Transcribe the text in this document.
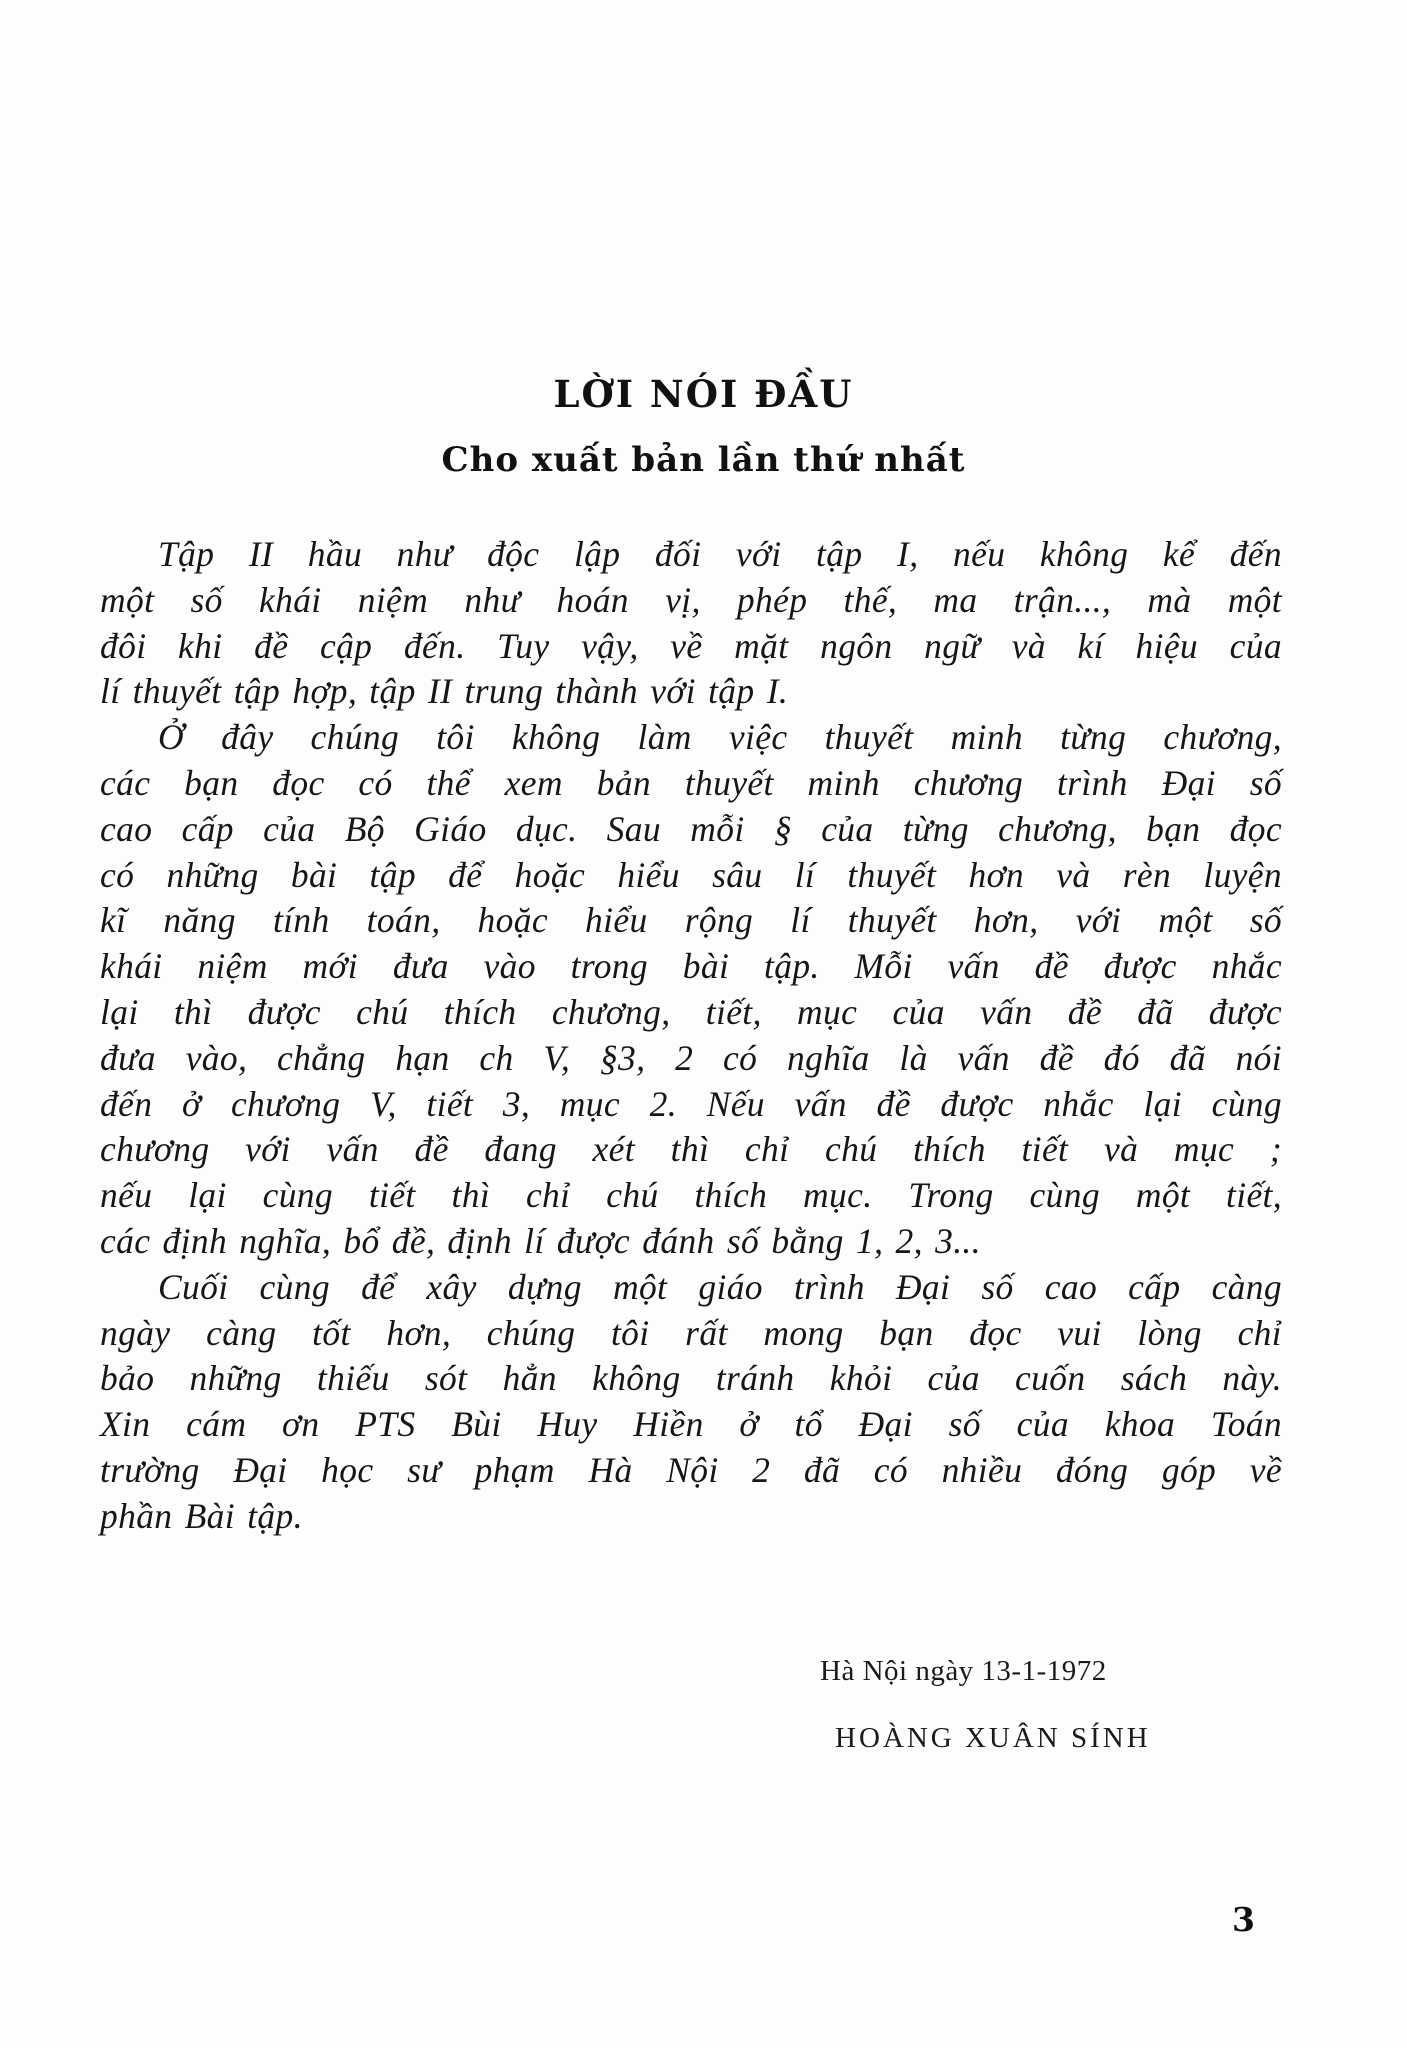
LỜI NÓI ĐẦU
Cho xuất bản lần thứ nhất
Tập II hầu như độc lập đối với tập I, nếu không kể đến
một số khái niệm như hoán vị, phép thế, ma trận..., mà một
đôi khi đề cập đến. Tuy vậy, về mặt ngôn ngữ và kí hiệu của
lí thuyết tập hợp, tập II trung thành với tập I.
Ở đây chúng tôi không làm việc thuyết minh từng chương,
các bạn đọc có thể xem bản thuyết minh chương trình Đại số
cao cấp của Bộ Giáo dục. Sau mỗi § của từng chương, bạn đọc
có những bài tập để hoặc hiểu sâu lí thuyết hơn và rèn luyện
kĩ năng tính toán, hoặc hiểu rộng lí thuyết hơn, với một số
khái niệm mới đưa vào trong bài tập. Mỗi vấn đề được nhắc
lại thì được chú thích chương, tiết, mục của vấn đề đã được
đưa vào, chẳng hạn ch V, §3, 2 có nghĩa là vấn đề đó đã nói
đến ở chương V, tiết 3, mục 2. Nếu vấn đề được nhắc lại cùng
chương với vấn đề đang xét thì chỉ chú thích tiết và mục ;
nếu lại cùng tiết thì chỉ chú thích mục. Trong cùng một tiết,
các định nghĩa, bổ đề, định lí được đánh số bằng 1, 2, 3...
Cuối cùng để xây dựng một giáo trình Đại số cao cấp càng
ngày càng tốt hơn, chúng tôi rất mong bạn đọc vui lòng chỉ
bảo những thiếu sót hẳn không tránh khỏi của cuốn sách này.
Xin cám ơn PTS Bùi Huy Hiền ở tổ Đại số của khoa Toán
trường Đại học sư phạm Hà Nội 2 đã có nhiều đóng góp về
phần Bài tập.
Hà Nội ngày 13-1-1972
HOÀNG XUÂN SÍNH
3
